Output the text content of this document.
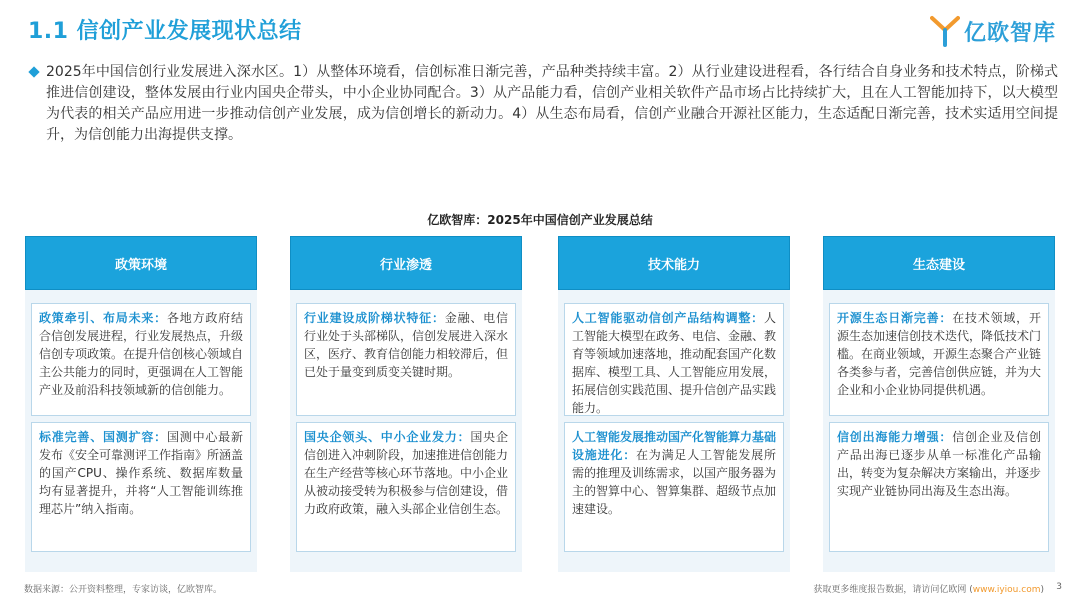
1.1 信创产业发展现状总结	亿欧智库

2025年中国信创行业发展进入深水区。1）从整体环境看，信创标准日渐完善，产品种类持续丰富。2）从行业建设进程看，各行结合自身业务和技术特点，阶梯式推进信创建设，整体发展由行业内国央企带头，中小企业协同配合。3）从产品能力看，信创产业相关软件产品市场占比持续扩大，且在人工智能加持下，以大模型为代表的相关产品应用进一步推动信创产业发展，成为信创增长的新动力。4）从生态布局看，信创产业融合开源社区能力，生态适配日渐完善，技术实适用空间提升，为信创能力出海提供支撑。

亿欧智库：2025年中国信创产业发展总结
政策环境

政策牵引、布局未来：各地方政府结合信创发展进程，行业发展热点，升级信创专项政策。在提升信创核心领域自主公共能力的同时，更强调在人工智能产业及前沿科技领域新的信创能力。

标准完善、国测扩容：国测中心最新发布《安全可靠测评工作指南》所涵盖的国产CPU、操作系统、数据库数量均有显著提升，并将“人工智能训练推理芯片”纳入指南。

行业渗透

行业建设成阶梯状特征：金融、电信行业处于头部梯队，信创发展进入深水区，医疗、教育信创能力相较滞后，但已处于量变到质变关键时期。

国央企领头、中小企业发力：国央企信创进入冲刺阶段，加速推进信创能力在生产经营等核心环节落地。中小企业从被动接受转为积极参与信创建设，借力政府政策，融入头部企业信创生态。

技术能力

人工智能驱动信创产品结构调整：人工智能大模型在政务、电信、金融、教育等领域加速落地，推动配套国产化数据库、模型工具、人工智能应用发展，拓展信创实践范围、提升信创产品实践能力。

人工智能发展推动国产化智能算力基础设施进化：在为满足人工智能发展所需的推理及训练需求，以国产服务器为主的智算中心、智算集群、超级节点加速建设。

生态建设

开源生态日渐完善：在技术领域，开源生态加速信创技术迭代，降低技术门槛。在商业领域，开源生态聚合产业链各类参与者，完善信创供应链，并为大企业和小企业协同提供机遇。

信创出海能力增强：信创企业及信创产品出海已逐步从单一标准化产品输出，转变为复杂解决方案输出，并逐步实现产业链协同出海及生态出海。

数据来源：公开资料整理，专家访谈，亿欧智库。	获取更多维度报告数据，请访问亿欧网 (www.iyiou.com) 3
